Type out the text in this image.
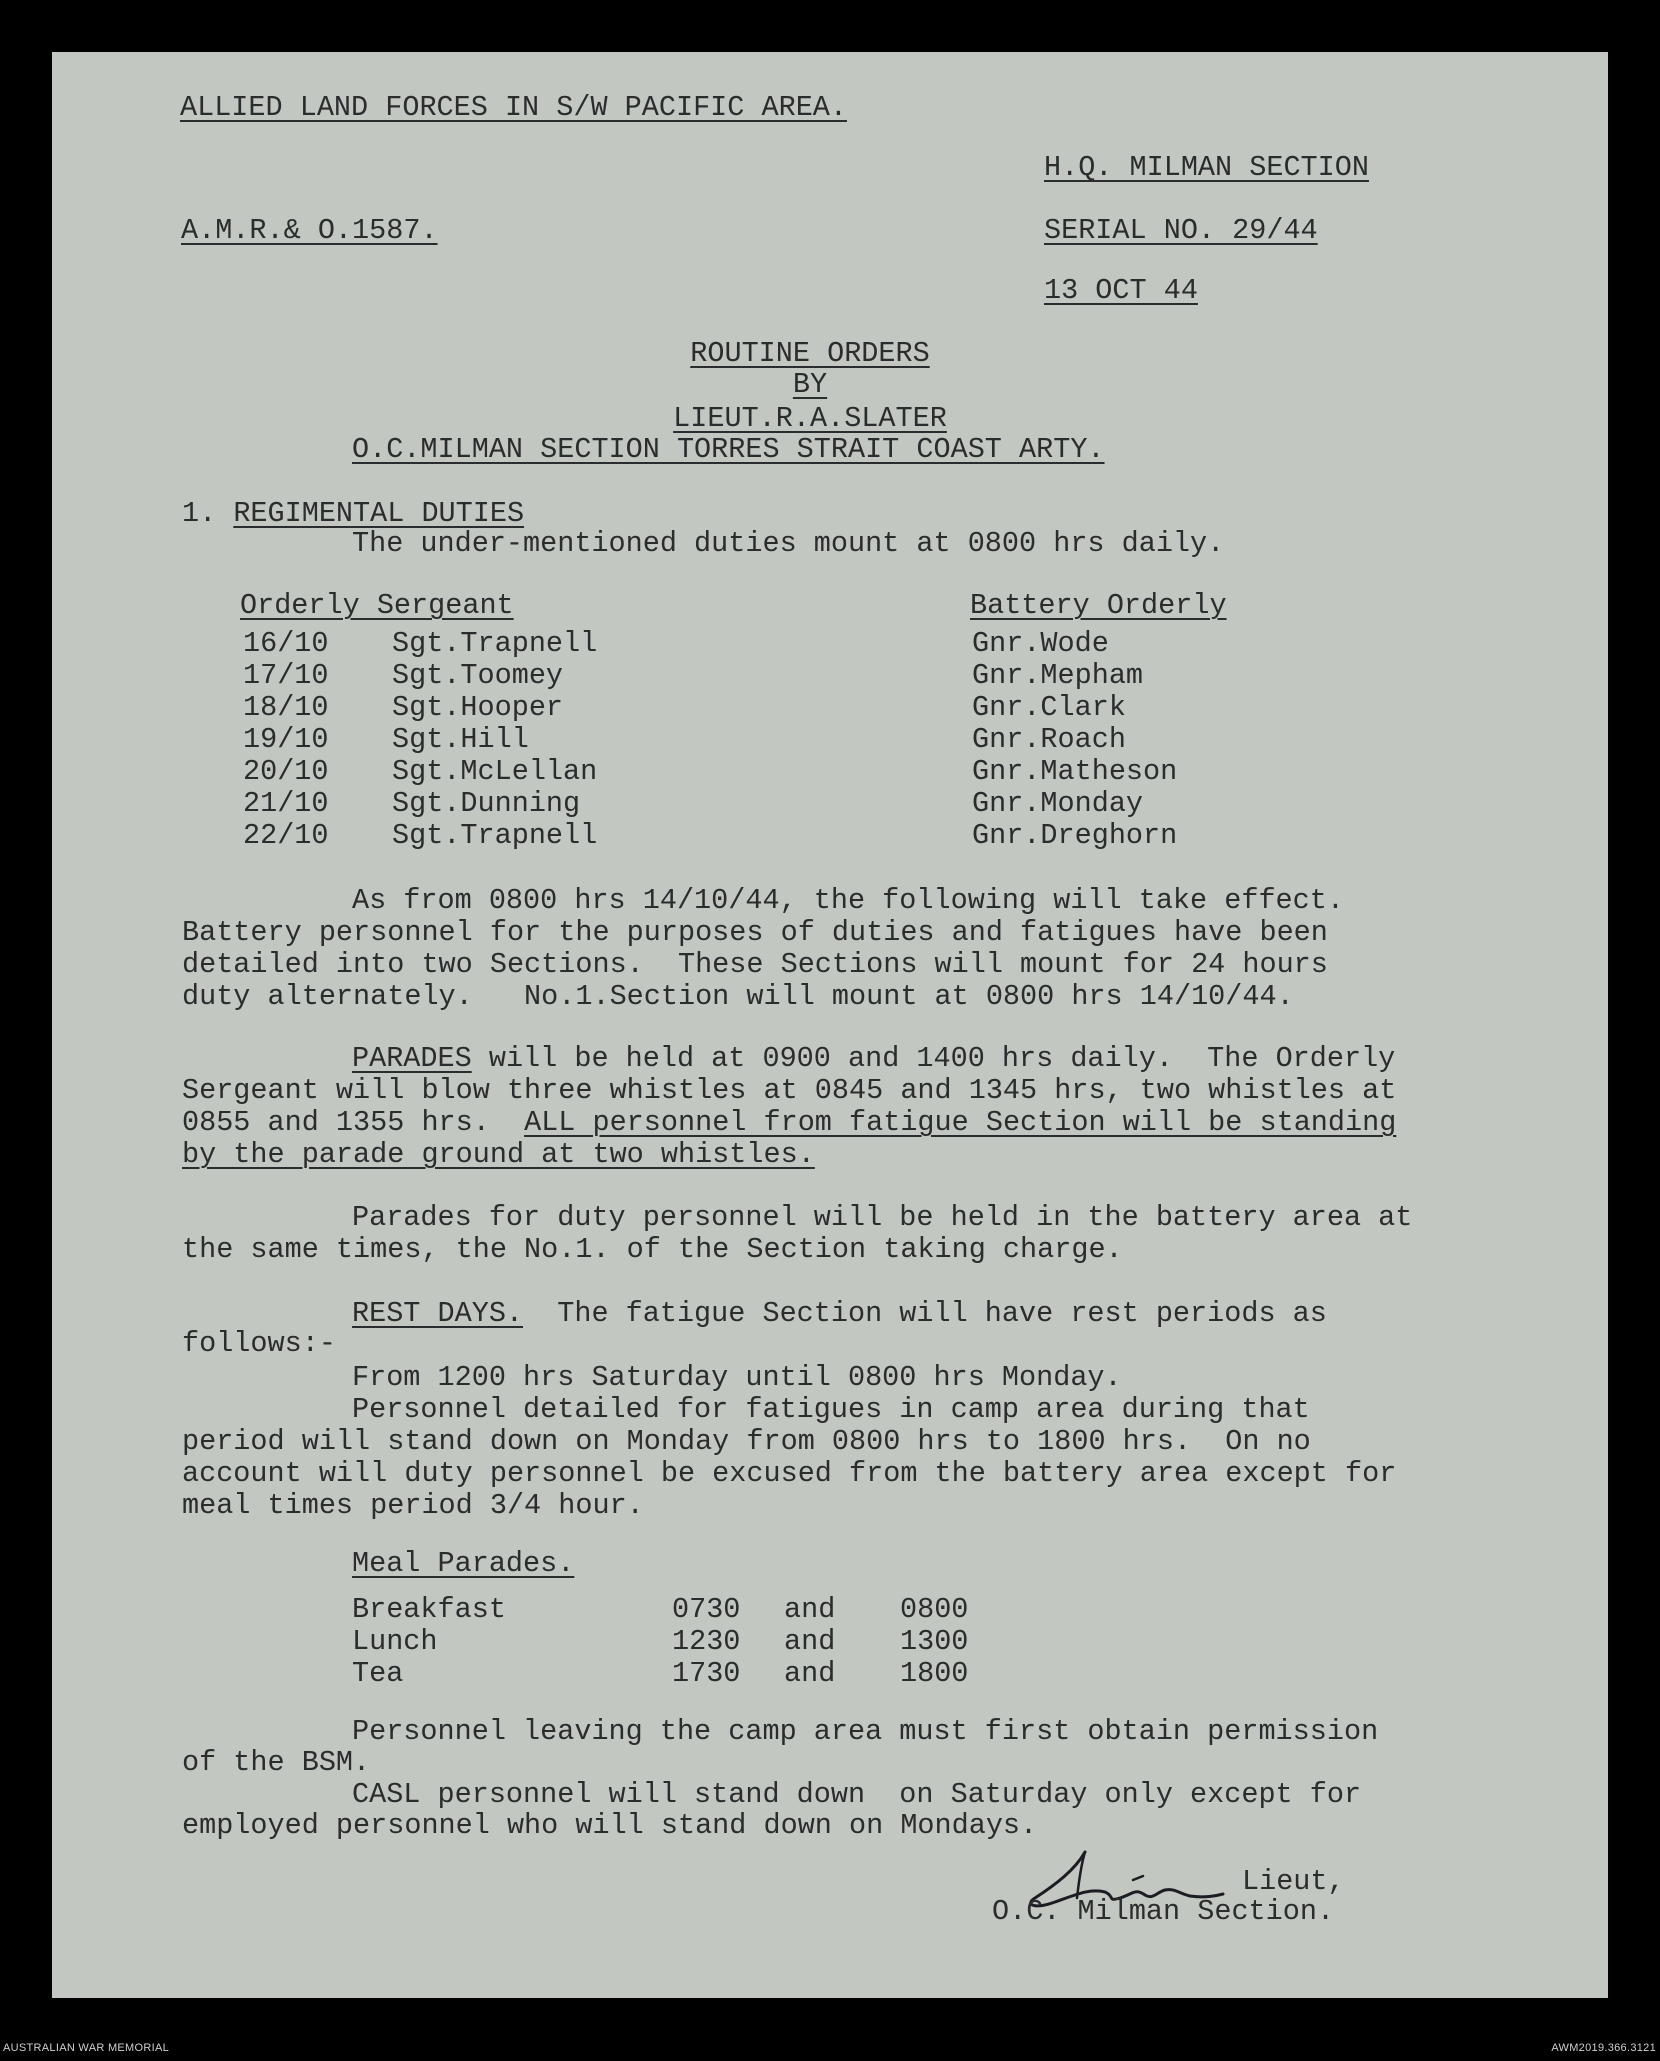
ALLIED LAND FORCES IN S/W PACIFIC AREA.
H.Q. MILMAN SECTION
A.M.R.& O.1587.	SERIAL NO. 29/44
13 OCT 44
ROUTINE ORDERS
BY
LIEUT.R.A.SLATER
O.C.MILMAN SECTION TORRES STRAIT COAST ARTY.
1. REGIMENTAL DUTIES
The under-mentioned duties mount at 0800 hrs daily.
Orderly Sergeant	Battery Orderly
16/10 Sgt.Trapnell	Gnr.Wode
17/10 Sgt.Toomey	Gnr.Mepham
18/10 Sgt.Hooper	Gnr.Clark
19/10 Sgt.Hill	Gnr.Roach
20/10 Sgt.McLellan	Gnr.Matheson
21/10 Sgt.Dunning	Gnr.Monday
22/10 Sgt.Trapnell	Gnr.Dreghorn
As from 0800 hrs 14/10/44, the following will take effect.
Battery personnel for the purposes of duties and fatigues have been
detailed into two Sections.  These Sections will mount for 24 hours
duty alternately.   No.1.Section will mount at 0800 hrs 14/10/44.
PARADES will be held at 0900 and 1400 hrs daily.  The Orderly
Sergeant will blow three whistles at 0845 and 1345 hrs, two whistles at
0855 and 1355 hrs.  ALL personnel from fatigue Section will be standing
by the parade ground at two whistles.
Parades for duty personnel will be held in the battery area at
the same times, the No.1. of the Section taking charge.
REST DAYS.  The fatigue Section will have rest periods as
follows:-
From 1200 hrs Saturday until 0800 hrs Monday.
Personnel detailed for fatigues in camp area during that
period will stand down on Monday from 0800 hrs to 1800 hrs.  On no
account will duty personnel be excused from the battery area except for
meal times period 3/4 hour.
Meal Parades.
Breakfast	0730 and 0800
Lunch	1230 and 1300
Tea	1730 and 1800
Personnel leaving the camp area must first obtain permission
of the BSM.
CASL personnel will stand down  on Saturday only except for
employed personnel who will stand down on Mondays.
Lieut,
O.C. Milman Section.
AUSTRALIAN WAR MEMORIAL	AWM2019.366.3121
